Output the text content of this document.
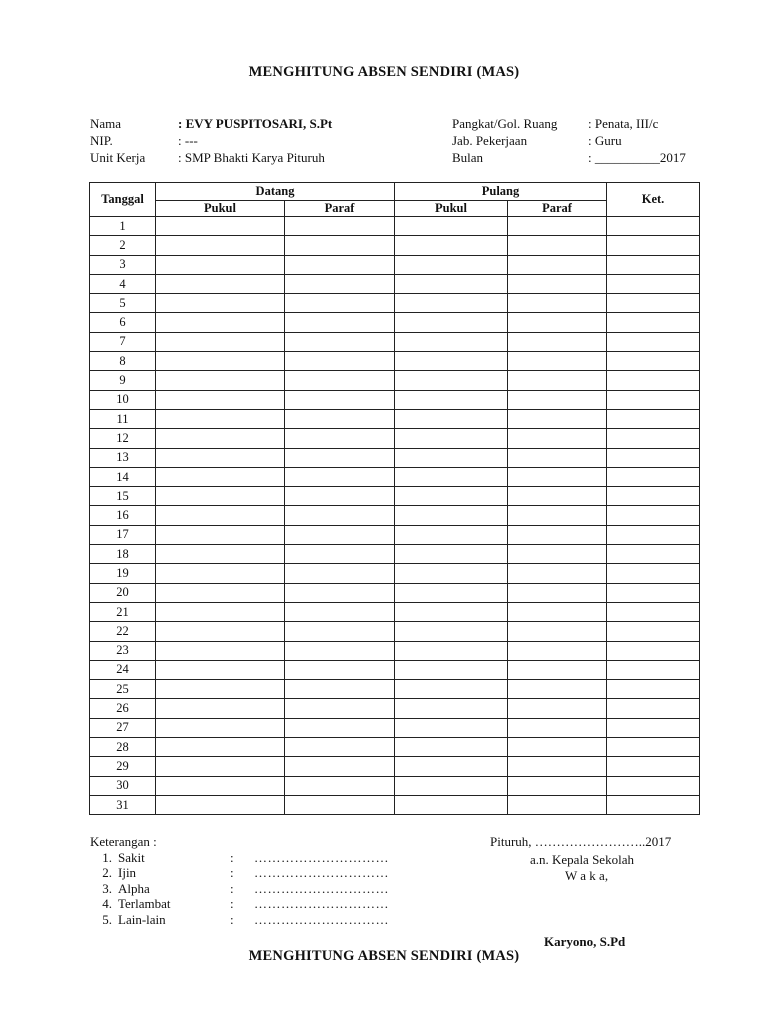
MENGHITUNG ABSEN SENDIRI (MAS)
Nama	: EVY PUSPITOSARI, S.Pt
NIP.	: ---
Unit Kerja	: SMP Bhakti Karya Pituruh
Pangkat/Gol. Ruang : Penata, III/c
Jab. Pekerjaan	: Guru
Bulan	: __________2017
Tanggal	Datang		Pulang		Ket.
	Pukul	Paraf	Pukul	Paraf	
1					
2					
3					
4					
5					
6					
7					
8					
9					
10					
11					
12					
13					
14					
15					
16					
17					
18					
19					
20					
21					
22					
23					
24					
25					
26					
27					
28					
29					
30					
31					
Keterangan :
1. Sakit	: …………………………
2. Ijin	: …………………………
3. Alpha	: …………………………
4. Terlambat	: …………………………
5. Lain-lain	: …………………………
Pituruh, ……………………..2017
a.n. Kepala Sekolah
W a k a,
Karyono, S.Pd
MENGHITUNG ABSEN SENDIRI (MAS)
